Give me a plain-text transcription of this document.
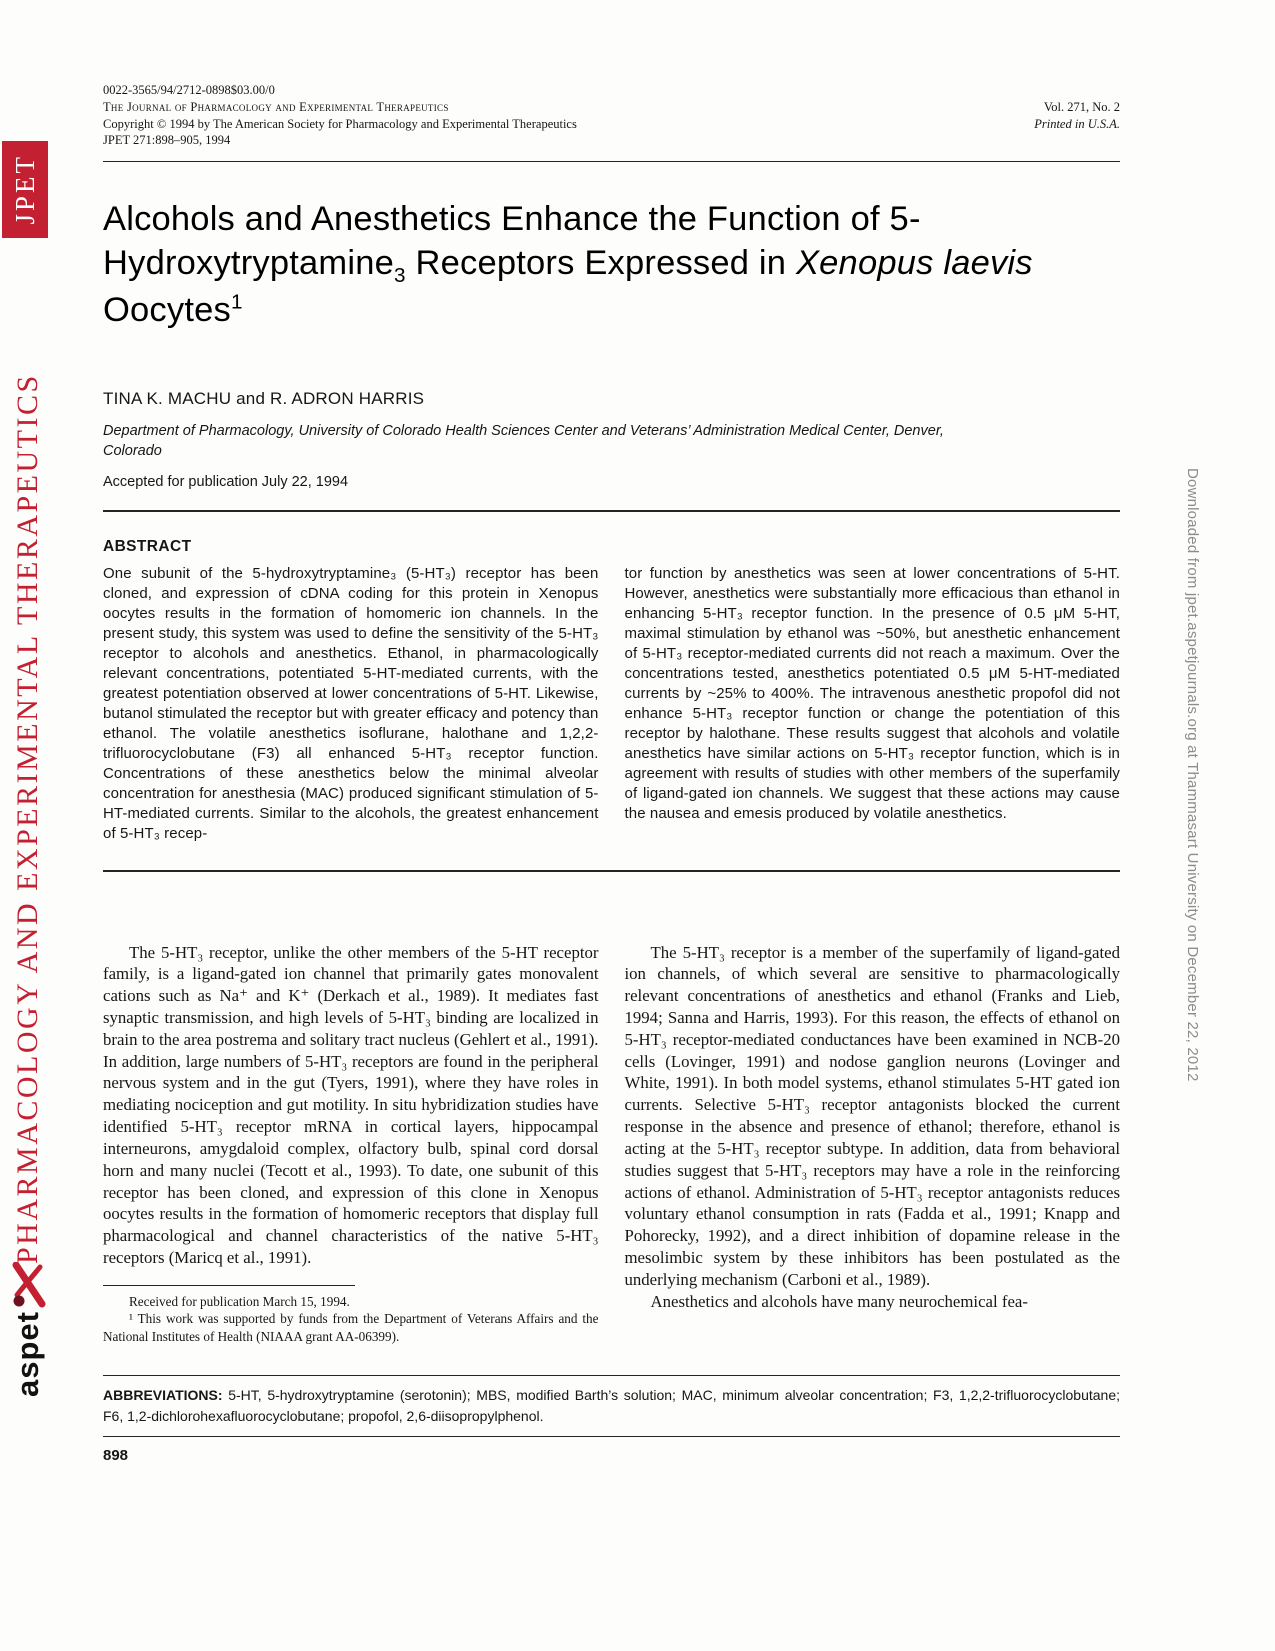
JPET
PHARMACOLOGY AND EXPERIMENTAL THERAPEUTICS
aspet
Downloaded from jpet.aspetjournals.org at Thammasart University on December 22, 2012
0022-3565/94/2712-0898$03.00/0
The Journal of Pharmacology and Experimental Therapeutics
Copyright © 1994 by The American Society for Pharmacology and Experimental Therapeutics
JPET 271:898–905, 1994
Vol. 271, No. 2
Printed in U.S.A.
Alcohols and Anesthetics Enhance the Function of 5-Hydroxytryptamine$_3$ Receptors Expressed in Xenopus laevis Oocytes$^1$
TINA K. MACHU and R. ADRON HARRIS
Department of Pharmacology, University of Colorado Health Sciences Center and Veterans’ Administration Medical Center, Denver, Colorado
Accepted for publication July 22, 1994
ABSTRACT
One subunit of the 5-hydroxytryptamine₃ (5-HT₃) receptor has been cloned, and expression of cDNA coding for this protein in Xenopus oocytes results in the formation of homomeric ion channels. In the present study, this system was used to define the sensitivity of the 5-HT₃ receptor to alcohols and anesthetics. Ethanol, in pharmacologically relevant concentrations, potentiated 5-HT-mediated currents, with the greatest potentiation observed at lower concentrations of 5-HT. Likewise, butanol stimulated the receptor but with greater efficacy and potency than ethanol. The volatile anesthetics isoflurane, halothane and 1,2,2-trifluorocyclobutane (F3) all enhanced 5-HT₃ receptor function. Concentrations of these anesthetics below the minimal alveolar concentration for anesthesia (MAC) produced significant stimulation of 5-HT-mediated currents. Similar to the alcohols, the greatest enhancement of 5-HT₃ recep-
tor function by anesthetics was seen at lower concentrations of 5-HT. However, anesthetics were substantially more efficacious than ethanol in enhancing 5-HT₃ receptor function. In the presence of 0.5 μM 5-HT, maximal stimulation by ethanol was ~50%, but anesthetic enhancement of 5-HT₃ receptor-mediated currents did not reach a maximum. Over the concentrations tested, anesthetics potentiated 0.5 μM 5-HT-mediated currents by ~25% to 400%. The intravenous anesthetic propofol did not enhance 5-HT₃ receptor function or change the potentiation of this receptor by halothane. These results suggest that alcohols and volatile anesthetics have similar actions on 5-HT₃ receptor function, which is in agreement with results of studies with other members of the superfamily of ligand-gated ion channels. We suggest that these actions may cause the nausea and emesis produced by volatile anesthetics.

The 5-HT₃ receptor, unlike the other members of the 5-HT receptor family, is a ligand-gated ion channel that primarily gates monovalent cations such as Na⁺ and K⁺ (Derkach et al., 1989). It mediates fast synaptic transmission, and high levels of 5-HT₃ binding are localized in brain to the area postrema and solitary tract nucleus (Gehlert et al., 1991). In addition, large numbers of 5-HT₃ receptors are found in the peripheral nervous system and in the gut (Tyers, 1991), where they have roles in mediating nociception and gut motility. In situ hybridization studies have identified 5-HT₃ receptor mRNA in cortical layers, hippocampal interneurons, amygdaloid complex, olfactory bulb, spinal cord dorsal horn and many nuclei (Tecott et al., 1993). To date, one subunit of this receptor has been cloned, and expression of this clone in Xenopus oocytes results in the formation of homomeric receptors that display full pharmacological and channel characteristics of the native 5-HT₃ receptors (Maricq et al., 1991).

Received for publication March 15, 1994.

¹ This work was supported by funds from the Department of Veterans Affairs and the National Institutes of Health (NIAAA grant AA-06399).

The 5-HT₃ receptor is a member of the superfamily of ligand-gated ion channels, of which several are sensitive to pharmacologically relevant concentrations of anesthetics and ethanol (Franks and Lieb, 1994; Sanna and Harris, 1993). For this reason, the effects of ethanol on 5-HT₃ receptor-mediated conductances have been examined in NCB-20 cells (Lovinger, 1991) and nodose ganglion neurons (Lovinger and White, 1991). In both model systems, ethanol stimulates 5-HT gated ion currents. Selective 5-HT₃ receptor antagonists blocked the current response in the absence and presence of ethanol; therefore, ethanol is acting at the 5-HT₃ receptor subtype. In addition, data from behavioral studies suggest that 5-HT₃ receptors may have a role in the reinforcing actions of ethanol. Administration of 5-HT₃ receptor antagonists reduces voluntary ethanol consumption in rats (Fadda et al., 1991; Knapp and Pohorecky, 1992), and a direct inhibition of dopamine release in the mesolimbic system by these inhibitors has been postulated as the underlying mechanism (Carboni et al., 1989).

Anesthetics and alcohols have many neurochemical fea-

ABBREVIATIONS: 5-HT, 5-hydroxytryptamine (serotonin); MBS, modified Barth’s solution; MAC, minimum alveolar concentration; F3, 1,2,2-trifluorocyclobutane; F6, 1,2-dichlorohexafluorocyclobutane; propofol, 2,6-diisopropylphenol.
898
